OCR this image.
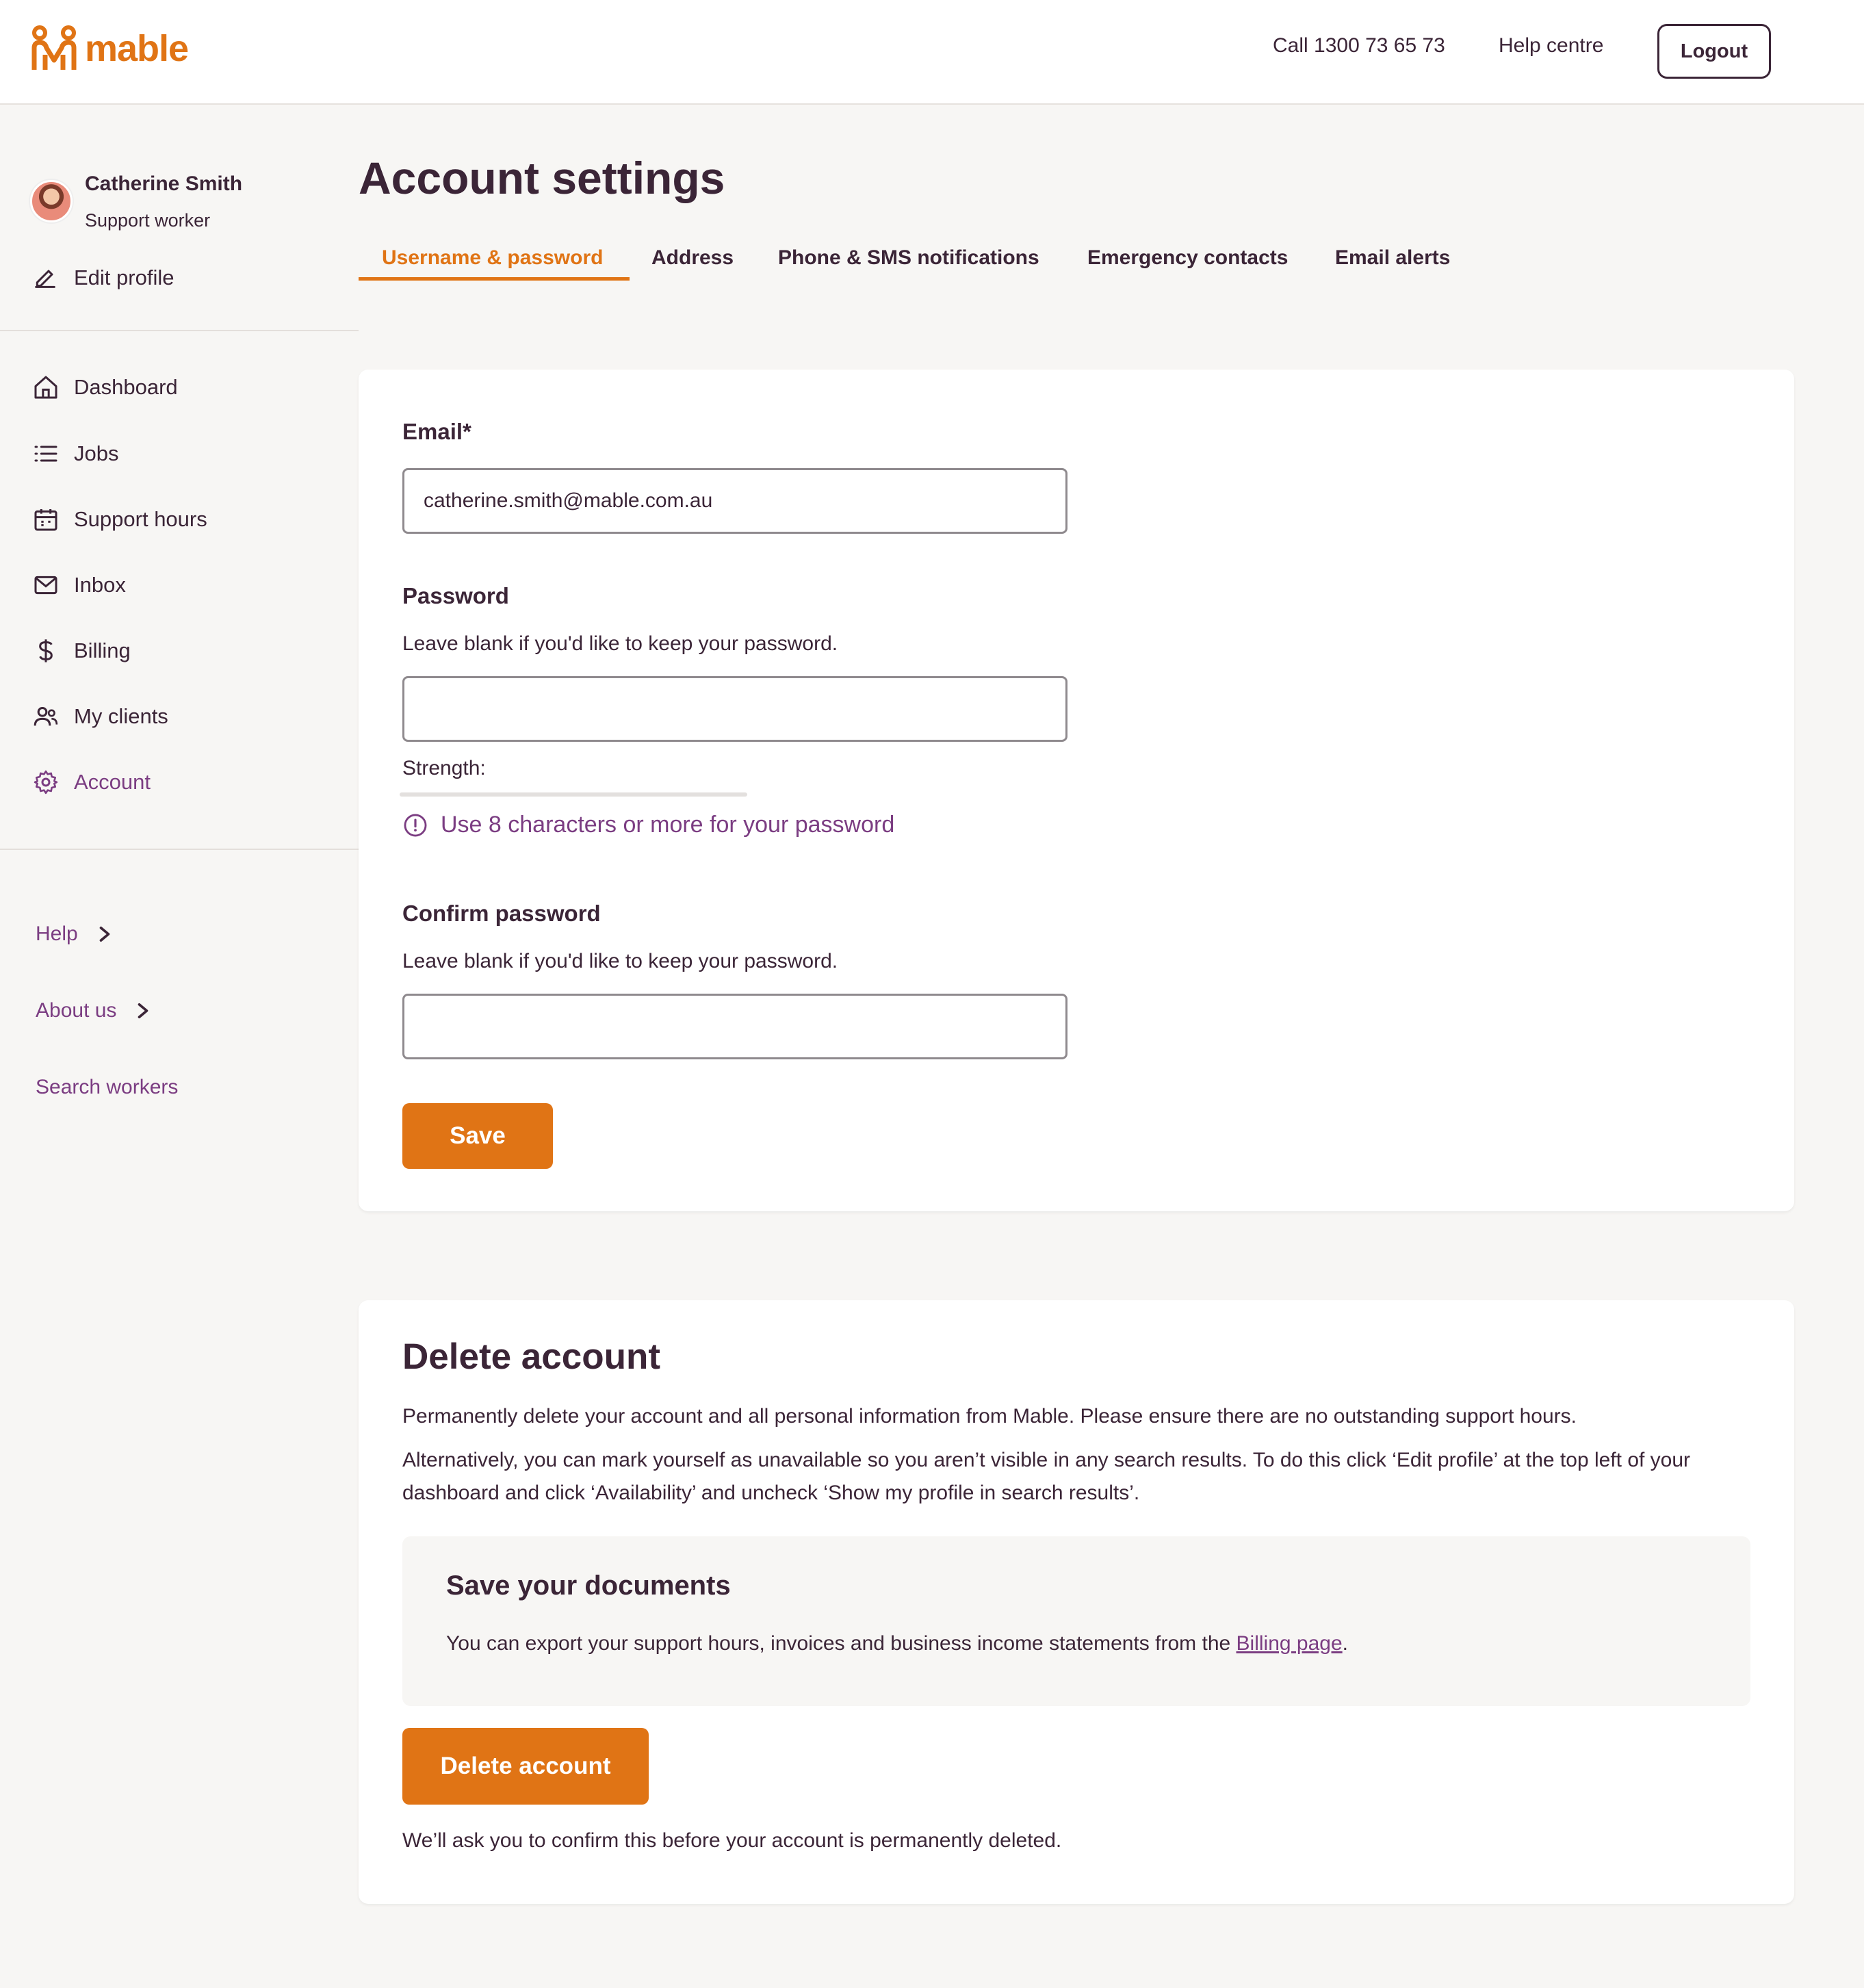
mable	Call 1300 73 65 73	Help centre	Logout
Catherine Smith
Support worker
Edit profile
Dashboard
Jobs
Support hours
Inbox
Billing
My clients
Account
Help
About us
Search workers
Account settings
Username & password Address Phone & SMS notifications Emergency contacts Email alerts
Email*
catherine.smith@mable.com.au
Password
Leave blank if you'd like to keep your password.
Strength:
Use 8 characters or more for your password
Confirm password
Leave blank if you'd like to keep your password.
Save
Delete account

Permanently delete your account and all personal information from Mable. Please ensure there are no outstanding support hours.

Alternatively, you can mark yourself as unavailable so you aren’t visible in any search results. To do this click ‘Edit profile’ at the top left of your dashboard and click ‘Availability’ and uncheck ‘Show my profile in search results’.

Save your documents

You can export your support hours, invoices and business income statements from the Billing page.

Delete account

We’ll ask you to confirm this before your account is permanently deleted.
